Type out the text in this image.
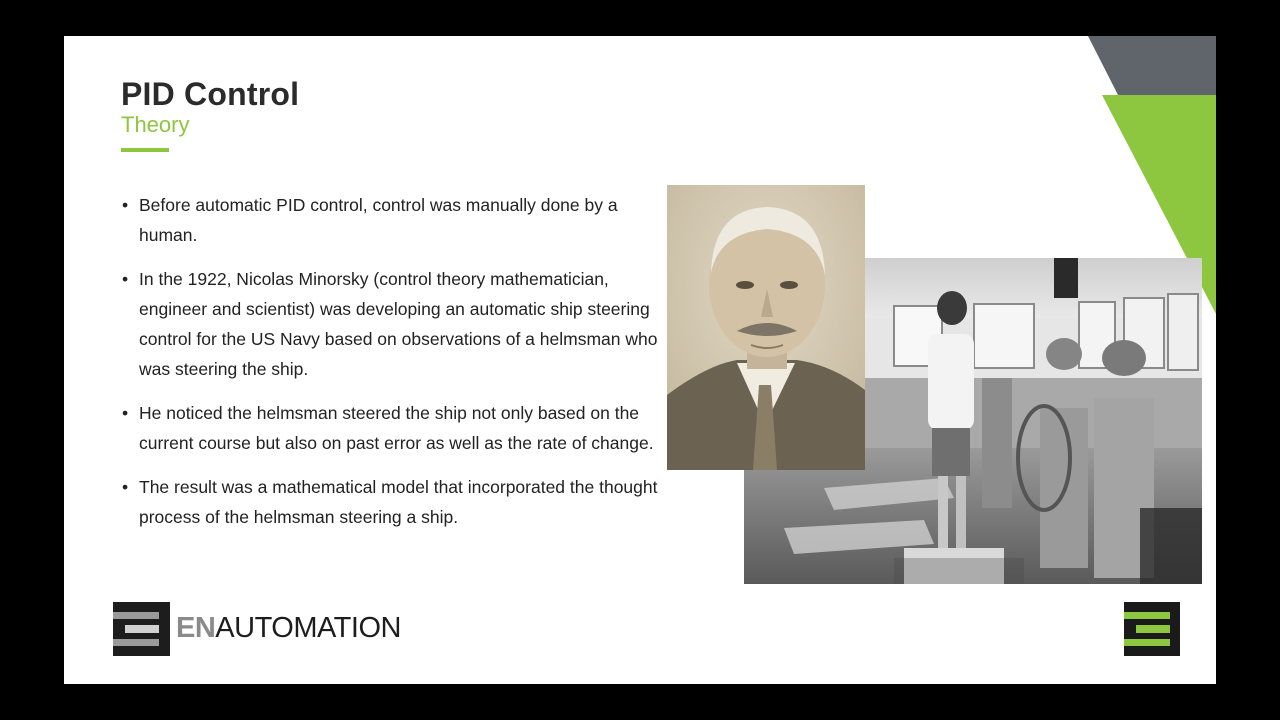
PID Control
Theory
• Before automatic PID control, control was manually done by a human.
• In the 1922, Nicolas Minorsky (control theory mathematician, engineer and scientist) was developing an automatic ship steering control for the US Navy based on observations of a helmsman who was steering the ship.
• He noticed the helmsman steered the ship not only based on the current course but also on past error as well as the rate of change.
• The result was a mathematical model that incorporated the thought process of the helmsman steering a ship.
ENAUTOMATION
